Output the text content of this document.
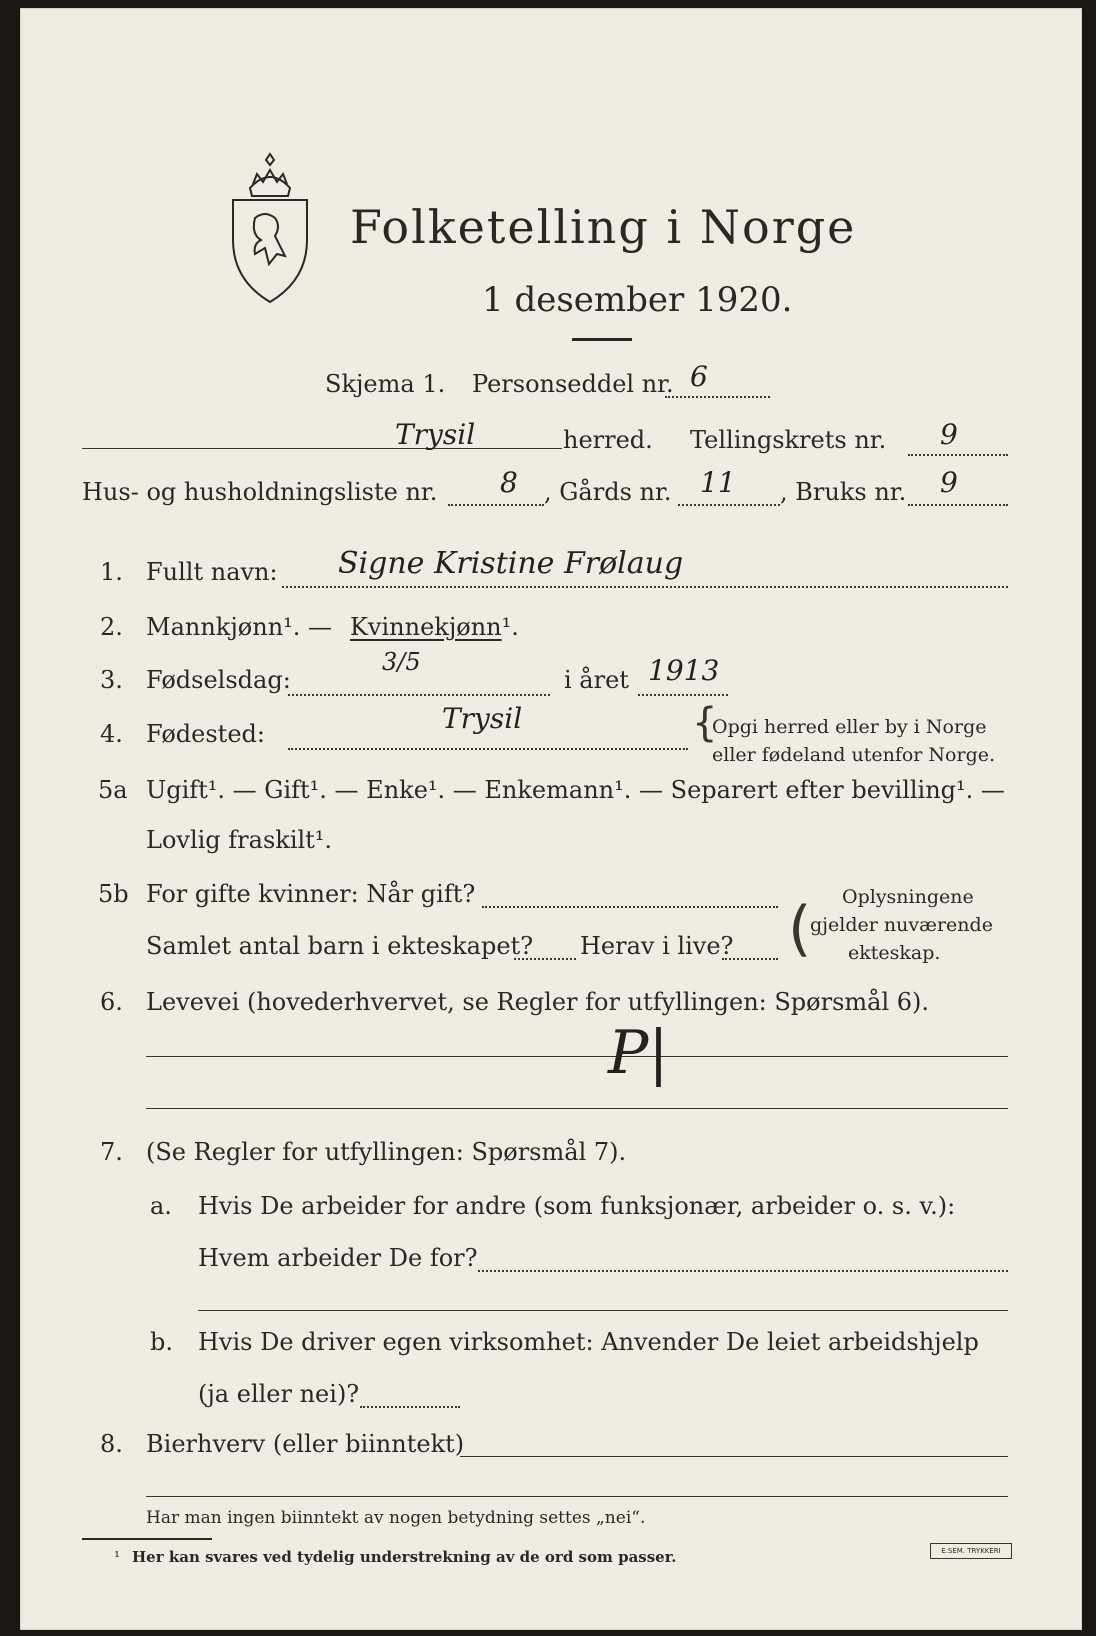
Folketelling i Norge
1 desember 1920.
Skjema 1. Personseddel nr. 6
Trysil	herred. Tellingskrets nr. 9
Hus- og husholdningsliste nr. 8 , Gårds nr. 11 , Bruks nr. 9
1. Fullt navn: Signe Kristine Frølaug
2. Mannkjønn¹. — Kvinnekjønn¹.
3. Fødselsdag:
3/5
i året 1913
4. Fødested:	Trysil	{
Opgi herred eller by i Norge
eller fødeland utenfor Norge.
5a Ugift¹. — Gift¹. — Enke¹. — Enkemann¹. — Separert efter bevilling¹. —
Lovlig fraskilt¹.
5b For gifte kvinner: Når gift?
Samlet antal barn i ekteskapet? Herav i live? ( Oplysningene
gjelder nuværende
ekteskap.
6. Levevei (hovederhvervet, se Regler for utfyllingen: Spørsmål 6).
P|
7. (Se Regler for utfyllingen: Spørsmål 7).
a. Hvis De arbeider for andre (som funksjonær, arbeider o. s. v.):
Hvem arbeider De for?
b. Hvis De driver egen virksomhet: Anvender De leiet arbeidshjelp
(ja eller nei)?
8. Bierhverv (eller biinntekt)
Har man ingen biinntekt av nogen betydning settes „nei“.
¹ Her kan svares ved tydelig understrekning av de ord som passer.	E.SEM. TRYKKERI
